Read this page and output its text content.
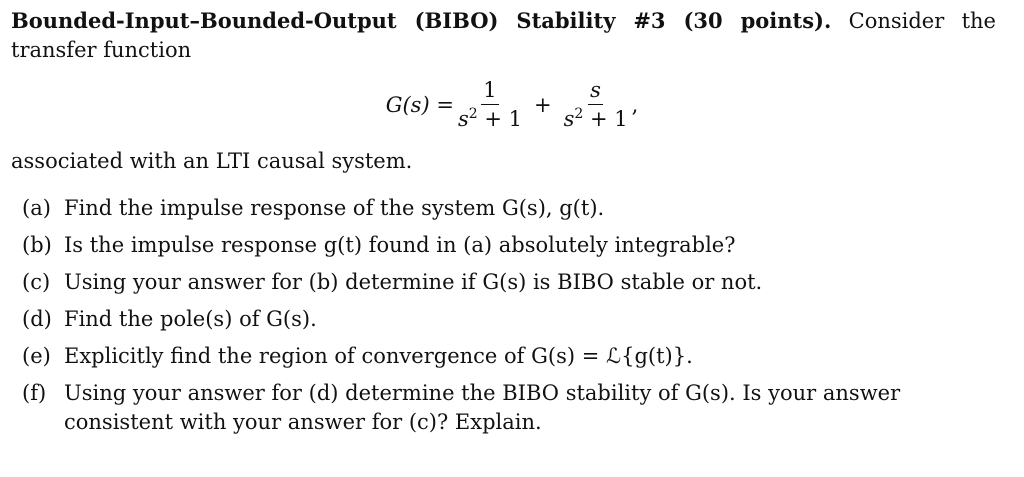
Bounded-Input–Bounded-Output (BIBO) Stability #3 (30 points). Consider the transfer function
$G(s) = \frac{1}{s^2 + 1} + \frac{s}{s^2 + 1}$ ,
associated with an LTI causal system.
(a) Find the impulse response of the system G(s), g(t).
(b) Is the impulse response g(t) found in (a) absolutely integrable?
(c) Using your answer for (b) determine if G(s) is BIBO stable or not.
(d) Find the pole(s) of G(s).
(e) Explicitly find the region of convergence of G(s) = ℒ{g(t)}.
(f) Using your answer for (d) determine the BIBO stability of G(s). Is your answer consistent with your answer for (c)? Explain.
